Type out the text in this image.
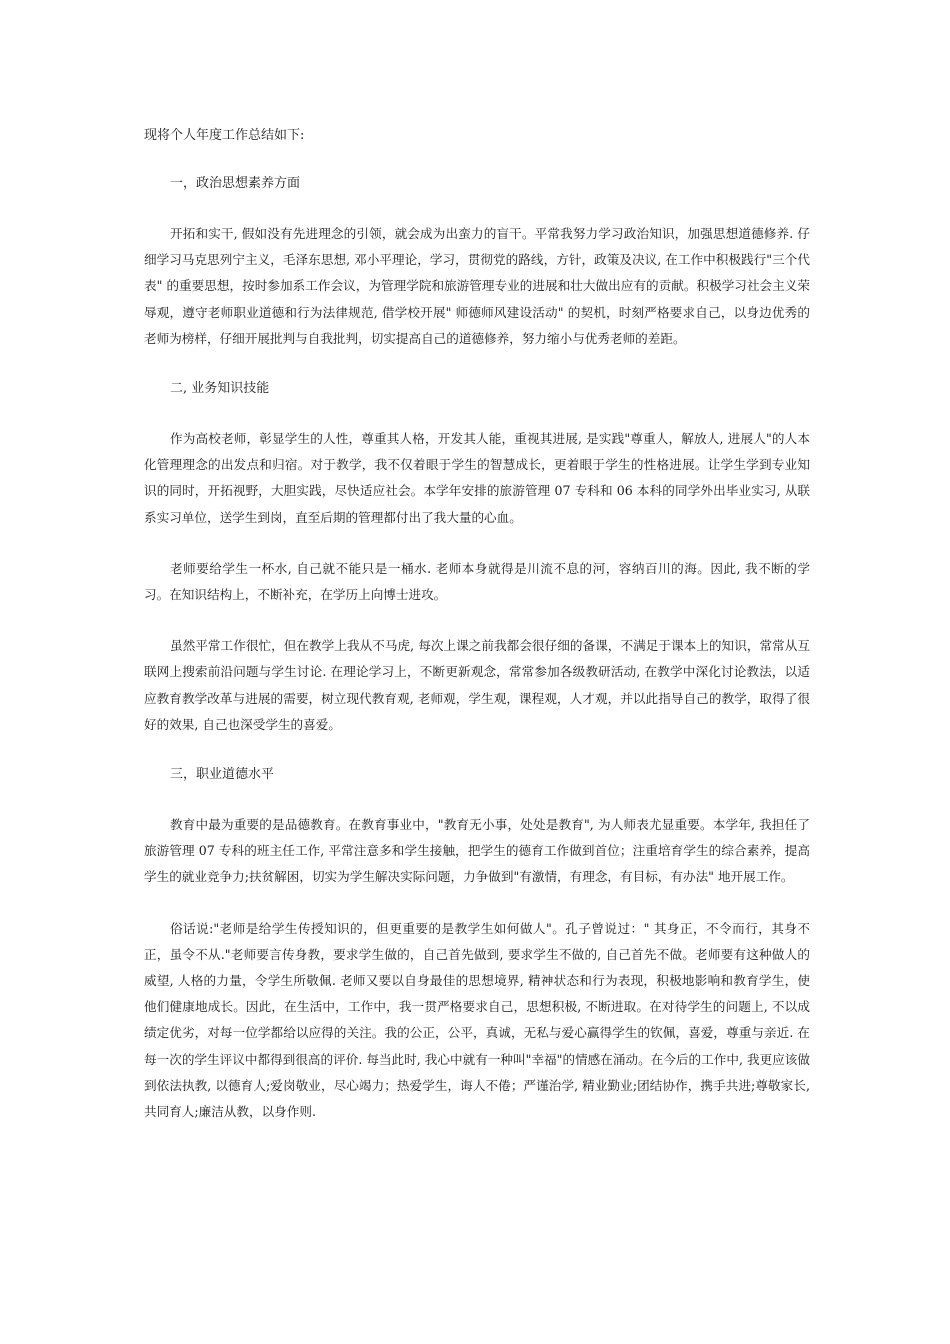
现将个人年度工作总结如下:
一，政治思想素养方面

开拓和实干, 假如没有先进理念的引领，就会成为出蛮力的盲干。平常我努力学习政治知识，加强思想道德修养. 仔细学习马克思列宁主义，毛泽东思想, 邓小平理论，学习，贯彻党的路线，方针，政策及决议, 在工作中积极践行"三个代表" 的重要思想，按时参加系工作会议，为管理学院和旅游管理专业的进展和壮大做出应有的贡献。积极学习社会主义荣辱观，遵守老师职业道德和行为法律规范, 借学校开展" 师德师风建设活动" 的契机，时刻严格要求自己，以身边优秀的老师为榜样，仔细开展批判与自我批判，切实提高自己的道德修养，努力缩小与优秀老师的差距。

二, 业务知识技能

作为高校老师，彰显学生的人性，尊重其人格，开发其人能，重视其进展, 是实践"尊重人，解放人, 进展人"的人本化管理理念的出发点和归宿。对于教学，我不仅着眼于学生的智慧成长，更着眼于学生的性格进展。让学生学到专业知识的同时，开拓视野，大胆实践，尽快适应社会。本学年安排的旅游管理 07 专科和 06 本科的同学外出毕业实习, 从联系实习单位，送学生到岗，直至后期的管理都付出了我大量的心血。

老师要给学生一杯水, 自己就不能只是一桶水. 老师本身就得是川流不息的河，容纳百川的海。因此, 我不断的学习。在知识结构上，不断补充，在学历上向博士进攻。

虽然平常工作很忙，但在教学上我从不马虎, 每次上课之前我都会很仔细的备课，不满足于课本上的知识，常常从互联网上搜索前沿问题与学生讨论. 在理论学习上，不断更新观念，常常参加各级教研活动, 在教学中深化讨论教法，以适应教育教学改革与进展的需要，树立现代教育观, 老师观，学生观，课程观，人才观，并以此指导自己的教学，取得了很好的效果, 自己也深受学生的喜爱。

三，职业道德水平

教育中最为重要的是品德教育。在教育事业中，"教育无小事，处处是教育", 为人师表尤显重要。本学年, 我担任了旅游管理 07 专科的班主任工作, 平常注意多和学生接触，把学生的德育工作做到首位；注重培育学生的综合素养，提高学生的就业竞争力;扶贫解困，切实为学生解决实际问题，力争做到"有激情，有理念，有目标，有办法" 地开展工作。

俗话说:"老师是给学生传授知识的，但更重要的是教学生如何做人"。孔子曾说过：" 其身正，不令而行，其身不正，虽令不从."老师要言传身教，要求学生做的，自己首先做到, 要求学生不做的, 自己首先不做。老师要有这种做人的威望, 人格的力量，令学生所敬佩. 老师又要以自身最佳的思想境界, 精神状态和行为表现，积极地影响和教育学生，使他们健康地成长。因此，在生活中，工作中，我一贯严格要求自己，思想积极, 不断进取。在对待学生的问题上, 不以成绩定优劣，对每一位学都给以应得的关注。我的公正，公平，真诚，无私与爱心赢得学生的钦佩，喜爱，尊重与亲近. 在每一次的学生评议中都得到很高的评价. 每当此时, 我心中就有一种叫"幸福"的情感在涌动。在今后的工作中, 我更应该做到依法执教, 以德育人;爱岗敬业，尽心竭力；热爱学生，诲人不倦；严谨治学, 精业勤业;团结协作，携手共进;尊敬家长, 共同育人;廉洁从教，以身作则.
